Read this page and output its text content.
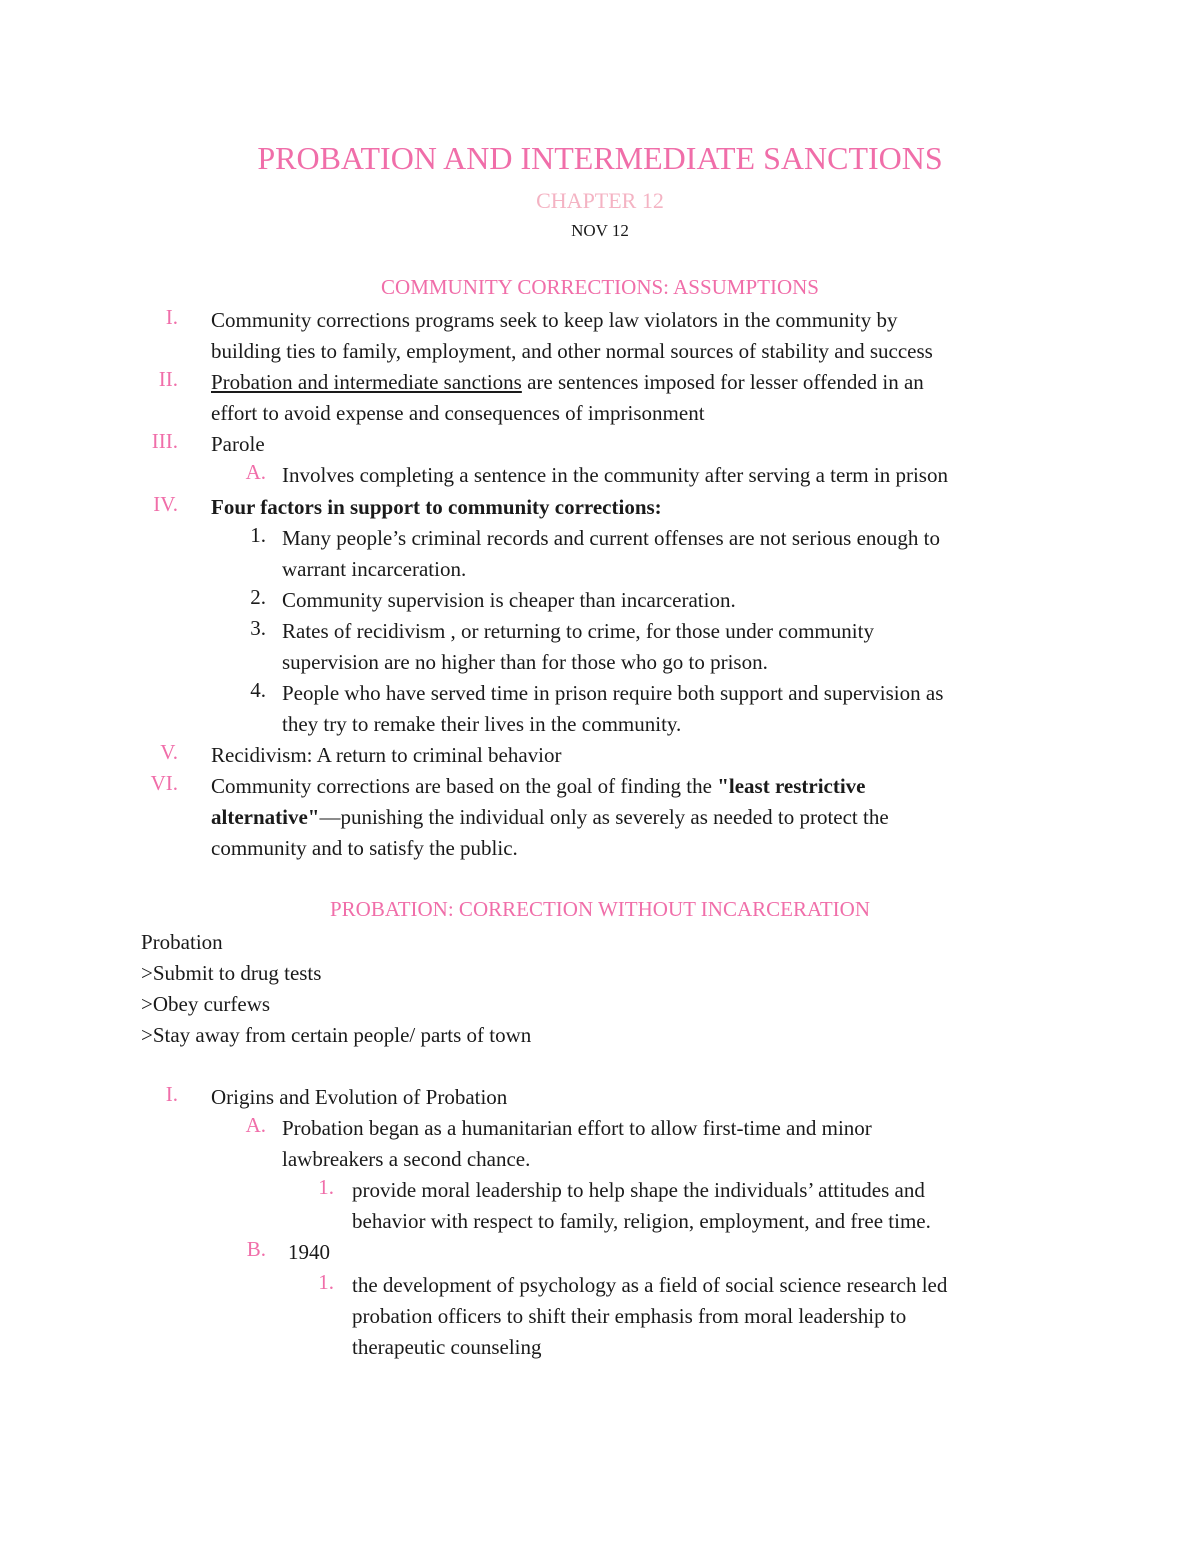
PROBATION AND INTERMEDIATE SANCTIONS
CHAPTER 12
NOV 12
COMMUNITY CORRECTIONS: ASSUMPTIONS
I. Community corrections programs seek to keep law violators in the community by
building ties to family, employment, and other normal sources of stability and success
II. Probation and intermediate sanctions are sentences imposed for lesser offended in an
effort to avoid expense and consequences of imprisonment
III. Parole
A. Involves completing a sentence in the community after serving a term in prison
IV. Four factors in support to community corrections:
1. Many people’s criminal records and current offenses are not serious enough to
warrant incarceration.
2. Community supervision is cheaper than incarceration.
3. Rates of recidivism , or returning to crime, for those under community
supervision are no higher than for those who go to prison.
4. People who have served time in prison require both support and supervision as
they try to remake their lives in the community.
V. Recidivism: A return to criminal behavior
VI. Community corrections are based on the goal of finding the "least restrictive
alternative"—punishing the individual only as severely as needed to protect the
community and to satisfy the public.
PROBATION: CORRECTION WITHOUT INCARCERATION
Probation
>Submit to drug tests
>Obey curfews
>Stay away from certain people/ parts of town
I. Origins and Evolution of Probation
A. Probation began as a humanitarian effort to allow first-time and minor
lawbreakers a second chance.
1. provide moral leadership to help shape the individuals’ attitudes and
behavior with respect to family, religion, employment, and free time.
B. 1940
1. the development of psychology as a field of social science research led
probation officers to shift their emphasis from moral leadership to
therapeutic counseling
